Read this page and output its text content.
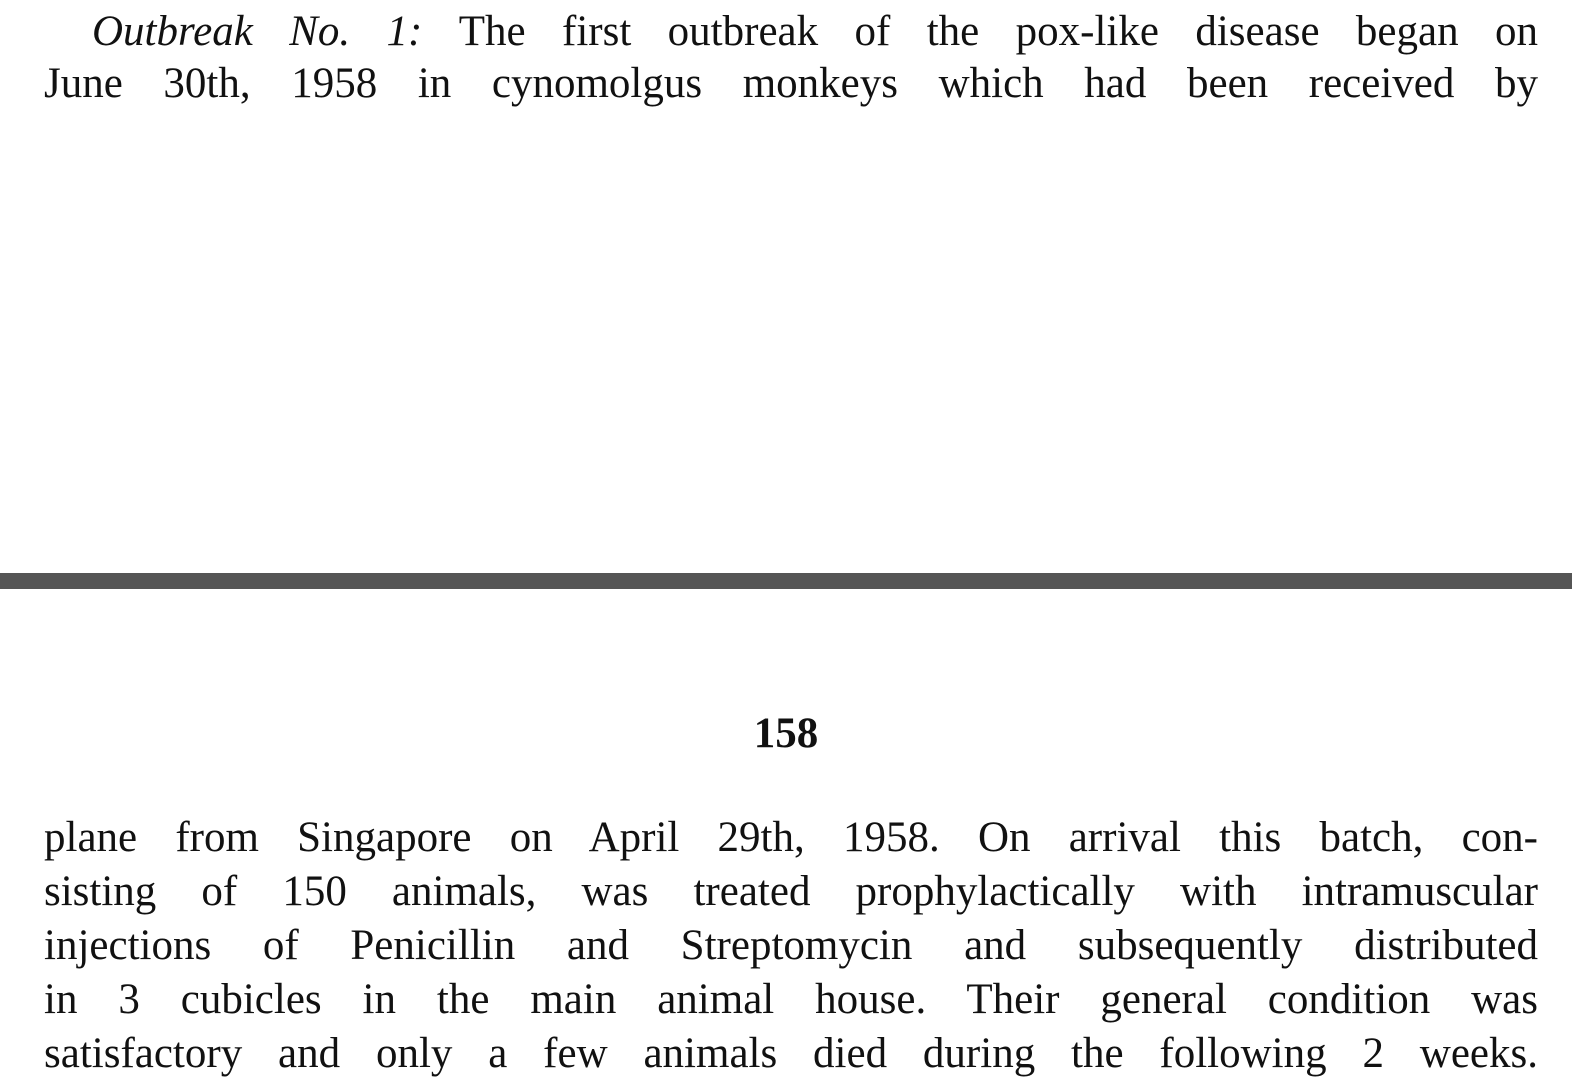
Outbreak No. 1: The first outbreak of the pox-like disease began on
June 30th, 1958 in cynomolgus monkeys which had been received by
158
plane from Singapore on April 29th, 1958. On arrival this batch, con-
sisting of 150 animals, was treated prophylactically with intramuscular
injections of Penicillin and Streptomycin and subsequently distributed
in 3 cubicles in the main animal house. Their general condition was
satisfactory and only a few animals died during the following 2 weeks.
